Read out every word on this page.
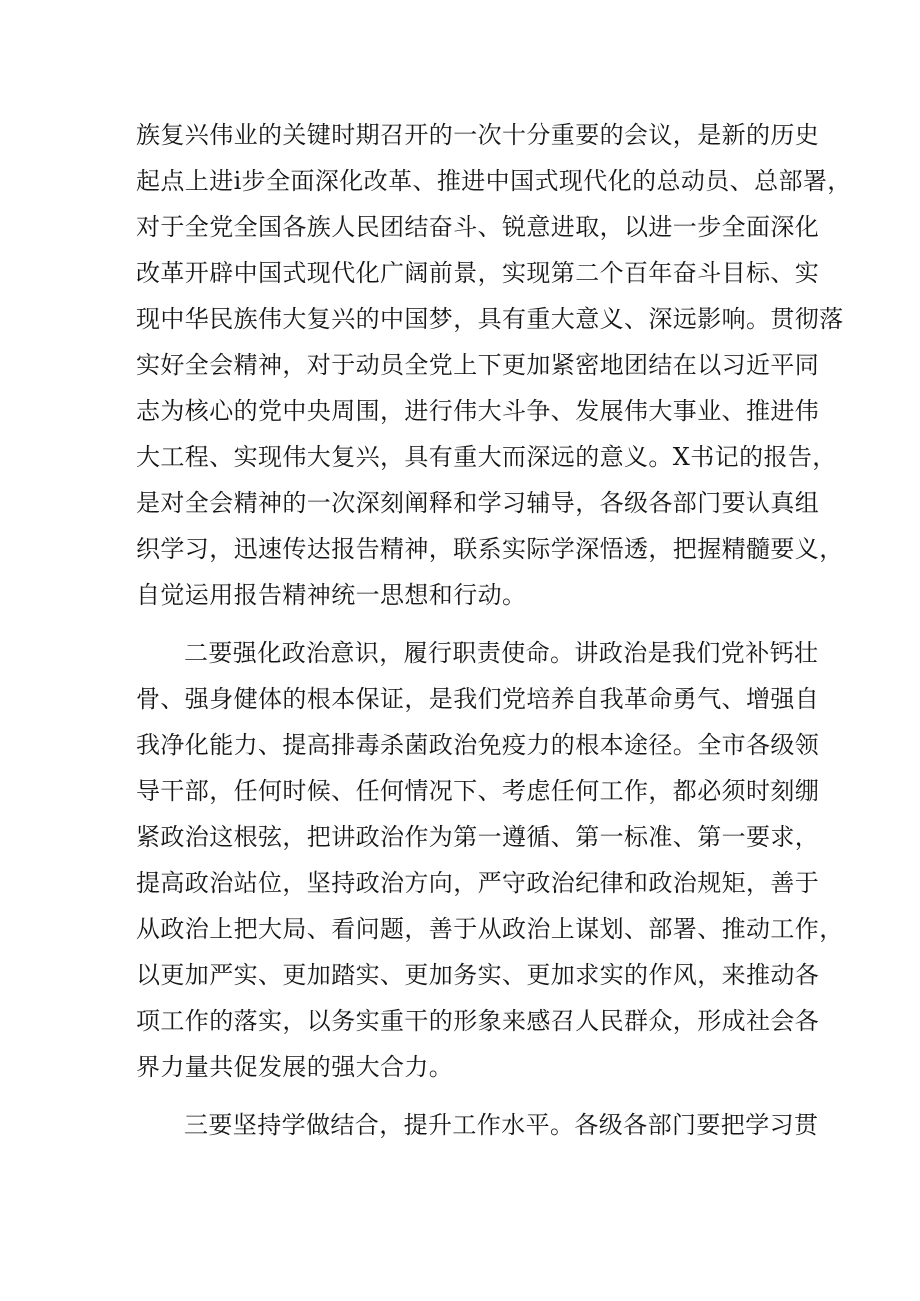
族复兴伟业的关键时期召开的一次十分重要的会议，是新的历史
起点上进i步全面深化改革、推进中国式现代化的总动员、总部署，
对于全党全国各族人民团结奋斗、锐意进取，以进一步全面深化
改革开辟中国式现代化广阔前景，实现第二个百年奋斗目标、实
现中华民族伟大复兴的中国梦，具有重大意义、深远影响。贯彻落
实好全会精神，对于动员全党上下更加紧密地团结在以习近平同
志为核心的党中央周围，进行伟大斗争、发展伟大事业、推进伟
大工程、实现伟大复兴，具有重大而深远的意义。X书记的报告，
是对全会精神的一次深刻阐释和学习辅导，各级各部门要认真组
织学习，迅速传达报告精神，联系实际学深悟透，把握精髓要义，
自觉运用报告精神统一思想和行动。
二要强化政治意识，履行职责使命。讲政治是我们党补钙壮
骨、强身健体的根本保证，是我们党培养自我革命勇气、增强自
我净化能力、提高排毒杀菌政治免疫力的根本途径。全市各级领
导干部，任何时候、任何情况下、考虑任何工作，都必须时刻绷
紧政治这根弦，把讲政治作为第一遵循、第一标准、第一要求，
提高政治站位，坚持政治方向，严守政治纪律和政治规矩，善于
从政治上把大局、看问题，善于从政治上谋划、部署、推动工作，
以更加严实、更加踏实、更加务实、更加求实的作风，来推动各
项工作的落实，以务实重干的形象来感召人民群众，形成社会各
界力量共促发展的强大合力。
三要坚持学做结合，提升工作水平。各级各部门要把学习贯
